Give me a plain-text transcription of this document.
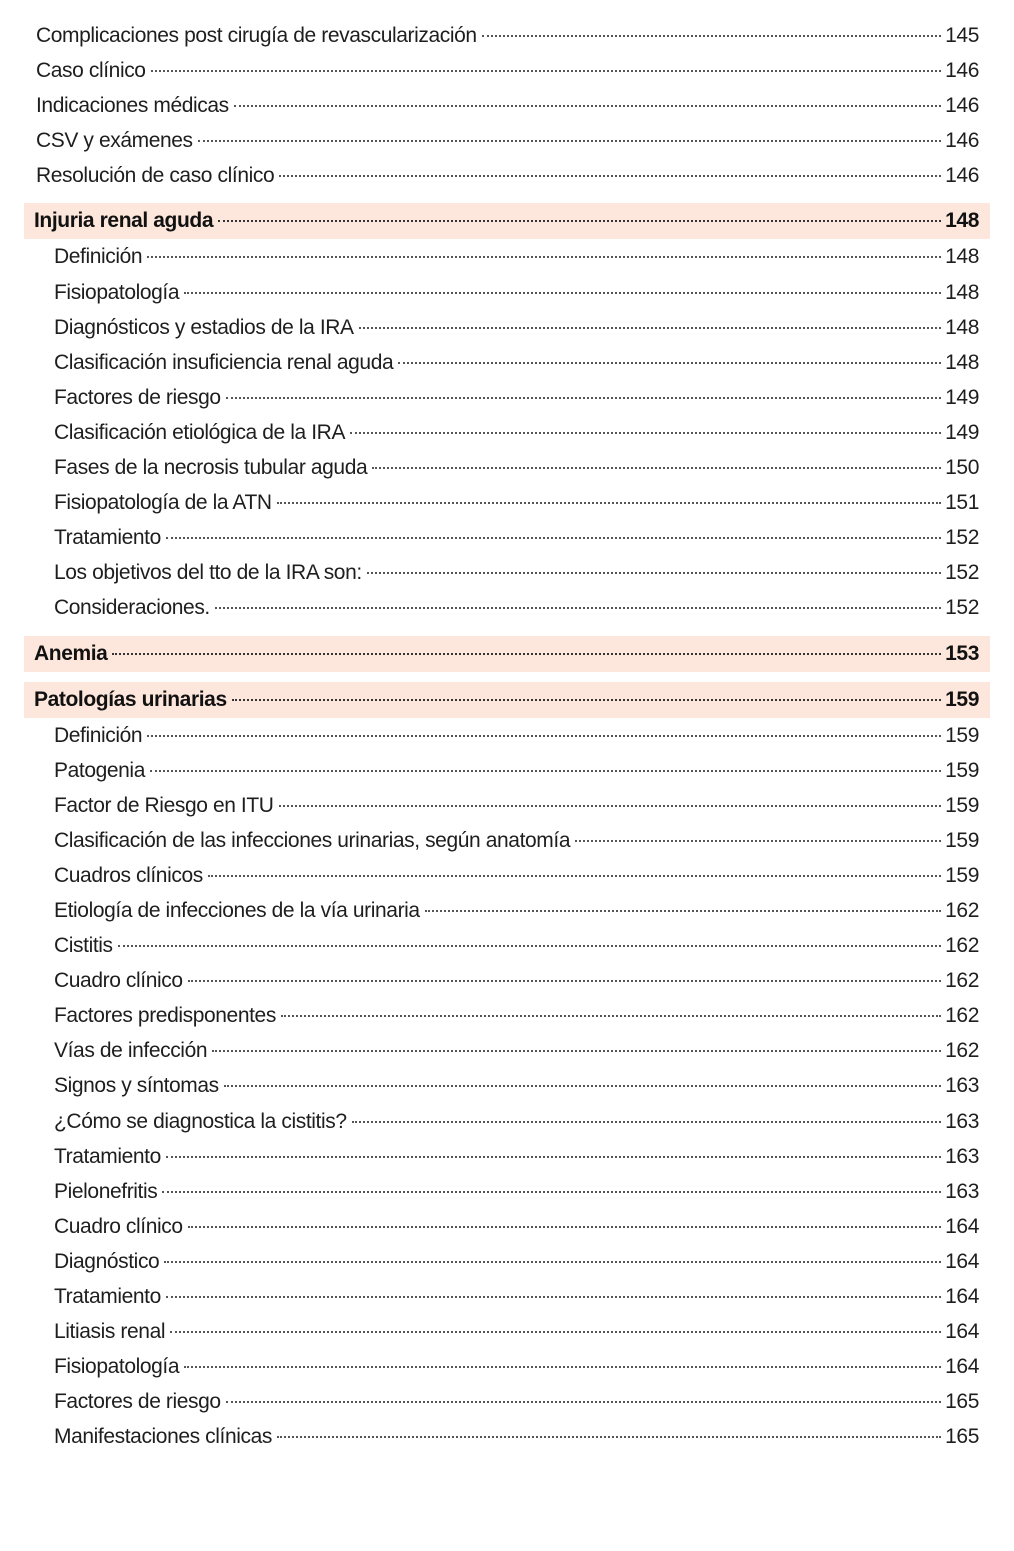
Complicaciones post cirugía de revascularización	145
Caso clínico	146
Indicaciones médicas	146
CSV y exámenes	146
Resolución de caso clínico	146
Injuria renal aguda	148
Definición	148
Fisiopatología	148
Diagnósticos y estadios de la IRA	148
Clasificación insuficiencia renal aguda	148
Factores de riesgo	149
Clasificación etiológica de la IRA	149
Fases de la necrosis tubular aguda	150
Fisiopatología de la ATN	151
Tratamiento	152
Los objetivos del tto de la IRA son:	152
Consideraciones.	152
Anemia	153
Patologías urinarias	159
Definición	159
Patogenia	159
Factor de Riesgo en ITU	159
Clasificación de las infecciones urinarias, según anatomía	159
Cuadros clínicos	159
Etiología de infecciones de la vía urinaria	162
Cistitis	162
Cuadro clínico	162
Factores predisponentes	162
Vías de infección	162
Signos y síntomas	163
¿Cómo se diagnostica la cistitis?	163
Tratamiento	163
Pielonefritis	163
Cuadro clínico	164
Diagnóstico	164
Tratamiento	164
Litiasis renal	164
Fisiopatología	164
Factores de riesgo	165
Manifestaciones clínicas	165
